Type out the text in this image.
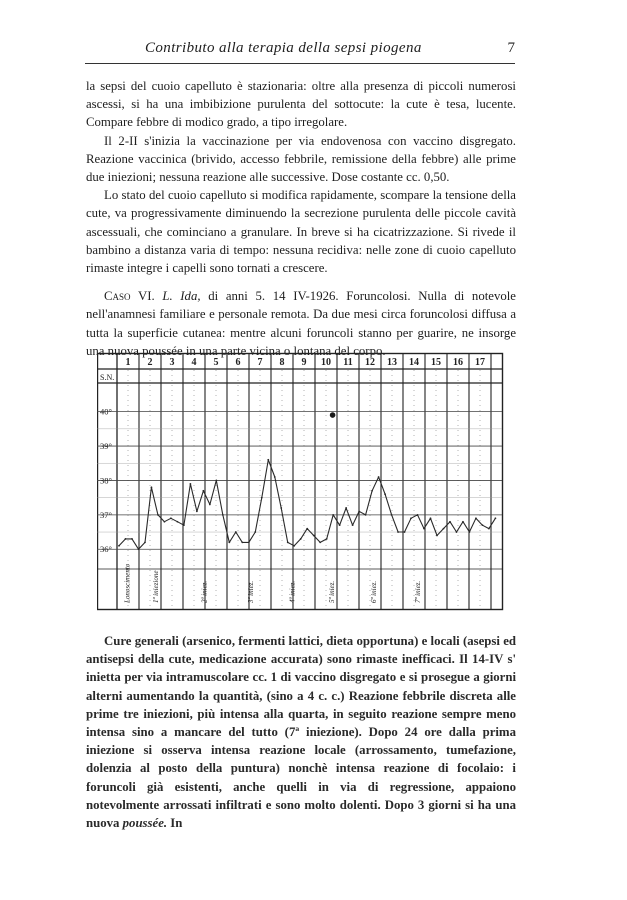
Contributo alla terapia della sepsi piogena	7

la sepsi del cuoio capelluto è stazionaria: oltre alla presenza di piccoli numerosi ascessi, si ha una imbibizione purulenta del sottocute: la cute è tesa, lucente. Compare febbre di modico grado, a tipo irregolare.

Il 2-II s'inizia la vaccinazione per via endovenosa con vaccino disgregato. Reazione vaccinica (brivido, accesso febbrile, remissione della febbre) alle prime due iniezioni; nessuna reazione alle successive. Dose costante cc. 0,50.

Lo stato del cuoio capelluto si modifica rapidamente, scompare la tensione della cute, va progressivamente diminuendo la secrezione purulenta delle piccole cavità ascessuali, che cominciano a granulare. In breve si ha cicatrizzazione. Si rivede il bambino a distanza varia di tempo: nessuna recidiva: nelle zone di cuoio capelluto rimaste integre i capelli sono tornati a crescere.

Caso VI. L. Ida, di anni 5. 14 IV-1926. Foruncolosi. Nulla di notevole nell'anamnesi familiare e personale remota. Da due mesi circa foruncolosi diffusa a tutta la superficie cutanea: mentre alcuni foruncoli stanno per guarire, ne insorge una nuova poussée in una parte vicina o lontana del corpo.

1 2 3 4 5 6 7 8 9 10 11 12 13 14 15 16 17
S.N.
40°
39°
38°
37°
36°
Lonoscimento	1ª iniezione	2ª iniez.	3ª iniez.	4ª iniez.	5ª iniez.	6ª iniez.	7ª iniez.

Cure generali (arsenico, fermenti lattici, dieta opportuna) e locali (asepsi ed antisepsi della cute, medicazione accurata) sono rimaste inefficaci. Il 14-IV s' inietta per via intramuscolare cc. 1 di vaccino disgregato e si prosegue a giorni alterni aumentando la quantità, (sino a 4 c. c.) Reazione febbrile discreta alle prime tre iniezioni, più intensa alla quarta, in seguito reazione sempre meno intensa sino a mancare del tutto (7ª iniezione). Dopo 24 ore dalla prima iniezione si osserva intensa reazione locale (arrossamento, tumefazione, dolenzia al posto della puntura) nonchè intensa reazione di focolaio: i foruncoli già esistenti, anche quelli in via di regressione, appaiono notevolmente arrossati infiltrati e sono molto dolenti. Dopo 3 giorni si ha una nuova poussée. In
